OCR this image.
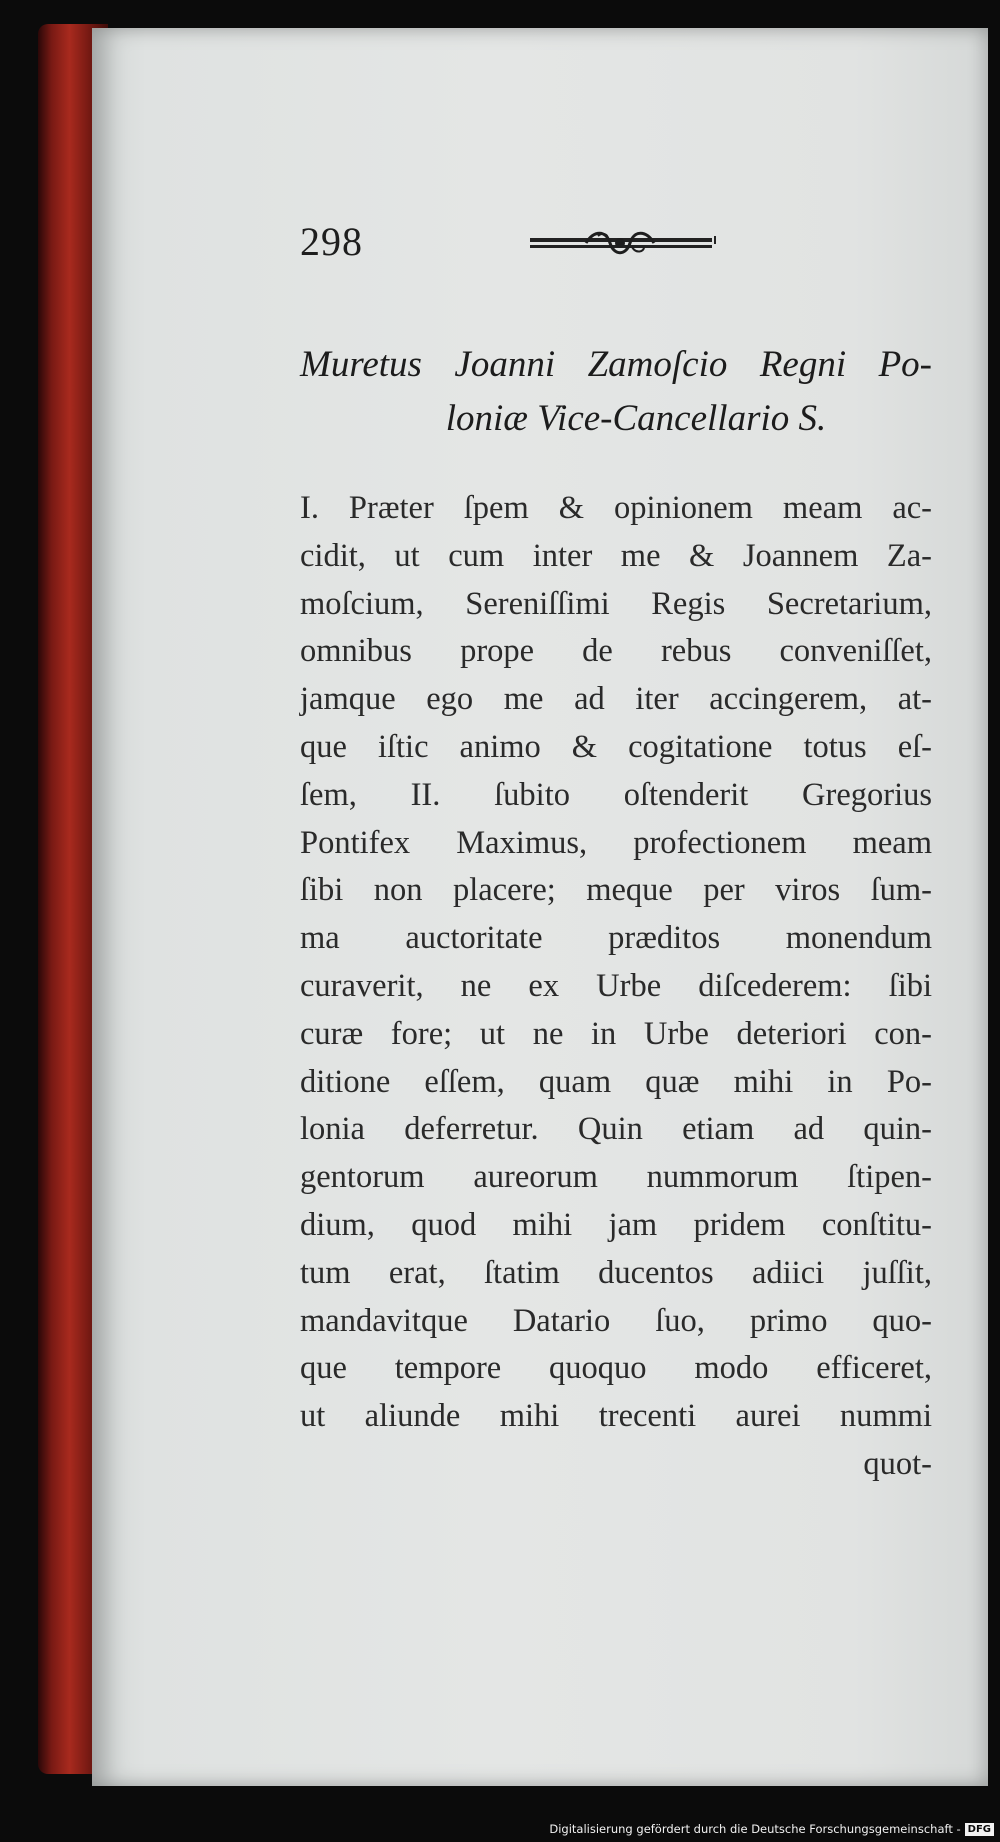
298
Muretus Joanni Zamoſcio Regni Po-
loniæ Vice-Cancellario S.
I. Præter ſpem & opinionem meam ac-
cidit, ut cum inter me & Joannem Za-
moſcium, Sereniſſimi Regis Secretarium,
omnibus prope de rebus conveniſſet,
jamque ego me ad iter accingerem, at-
que iſtic animo & cogitatione totus eſ-
ſem, II. ſubito oſtenderit Gregorius
Pontifex Maximus, profectionem meam
ſibi non placere; meque per viros ſum-
ma auctoritate præditos monendum
curaverit, ne ex Urbe diſcederem: ſibi
curæ fore; ut ne in Urbe deteriori con-
ditione eſſem, quam quæ mihi in Po-
lonia deferretur. Quin etiam ad quin-
gentorum aureorum nummorum ſtipen-
dium, quod mihi jam pridem conſtitu-
tum erat, ſtatim ducentos adiici juſſit,
mandavitque Datario ſuo, primo quo-
que tempore quoquo modo efficeret,
ut aliunde mihi trecenti aurei nummi
quot-
Digitalisierung gefördert durch die Deutsche Forschungsgemeinschaft - DFG
